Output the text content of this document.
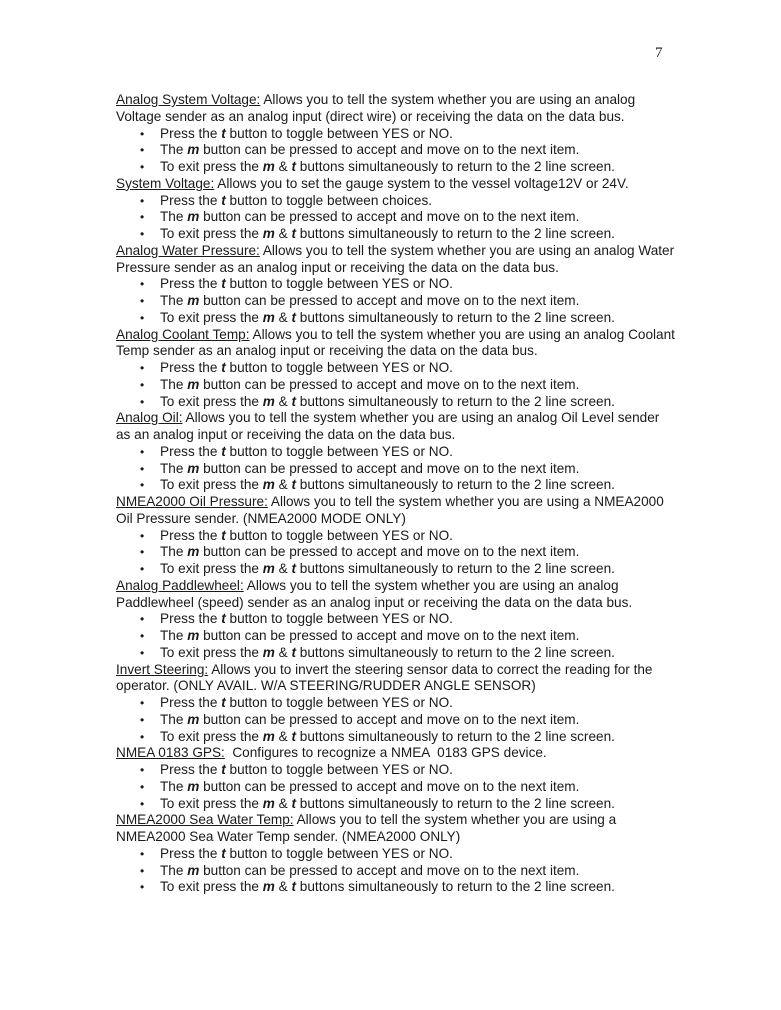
7

Analog System Voltage: Allows you to tell the system whether you are using an analog Voltage sender as an analog input (direct wire) or receiving the data on the data bus.

• Press the t button to toggle between YES or NO.
• The m button can be pressed to accept and move on to the next item.
• To exit press the m & t buttons simultaneously to return to the 2 line screen.

System Voltage: Allows you to set the gauge system to the vessel voltage12V or 24V.

• Press the t button to toggle between choices.
• The m button can be pressed to accept and move on to the next item.
• To exit press the m & t buttons simultaneously to return to the 2 line screen.

Analog Water Pressure: Allows you to tell the system whether you are using an analog Water Pressure sender as an analog input or receiving the data on the data bus.

• Press the t button to toggle between YES or NO.
• The m button can be pressed to accept and move on to the next item.
• To exit press the m & t buttons simultaneously to return to the 2 line screen.

Analog Coolant Temp: Allows you to tell the system whether you are using an analog Coolant Temp sender as an analog input or receiving the data on the data bus.

• Press the t button to toggle between YES or NO.
• The m button can be pressed to accept and move on to the next item.
• To exit press the m & t buttons simultaneously to return to the 2 line screen.

Analog Oil: Allows you to tell the system whether you are using an analog Oil Level sender as an analog input or receiving the data on the data bus.

• Press the t button to toggle between YES or NO.
• The m button can be pressed to accept and move on to the next item.
• To exit press the m & t buttons simultaneously to return to the 2 line screen.

NMEA2000 Oil Pressure: Allows you to tell the system whether you are using a NMEA2000 Oil Pressure sender. (NMEA2000 MODE ONLY)

• Press the t button to toggle between YES or NO.
• The m button can be pressed to accept and move on to the next item.
• To exit press the m & t buttons simultaneously to return to the 2 line screen.

Analog Paddlewheel: Allows you to tell the system whether you are using an analog Paddlewheel (speed) sender as an analog input or receiving the data on the data bus.

• Press the t button to toggle between YES or NO.
• The m button can be pressed to accept and move on to the next item.
• To exit press the m & t buttons simultaneously to return to the 2 line screen.

Invert Steering: Allows you to invert the steering sensor data to correct the reading for the operator. (ONLY AVAIL. W/A STEERING/RUDDER ANGLE SENSOR)

• Press the t button to toggle between YES or NO.
• The m button can be pressed to accept and move on to the next item.
• To exit press the m & t buttons simultaneously to return to the 2 line screen.

NMEA 0183 GPS:  Configures to recognize a NMEA  0183 GPS device.

• Press the t button to toggle between YES or NO.
• The m button can be pressed to accept and move on to the next item.
• To exit press the m & t buttons simultaneously to return to the 2 line screen.

NMEA2000 Sea Water Temp: Allows you to tell the system whether you are using a NMEA2000 Sea Water Temp sender. (NMEA2000 ONLY)

• Press the t button to toggle between YES or NO.
• The m button can be pressed to accept and move on to the next item.
• To exit press the m & t buttons simultaneously to return to the 2 line screen.
